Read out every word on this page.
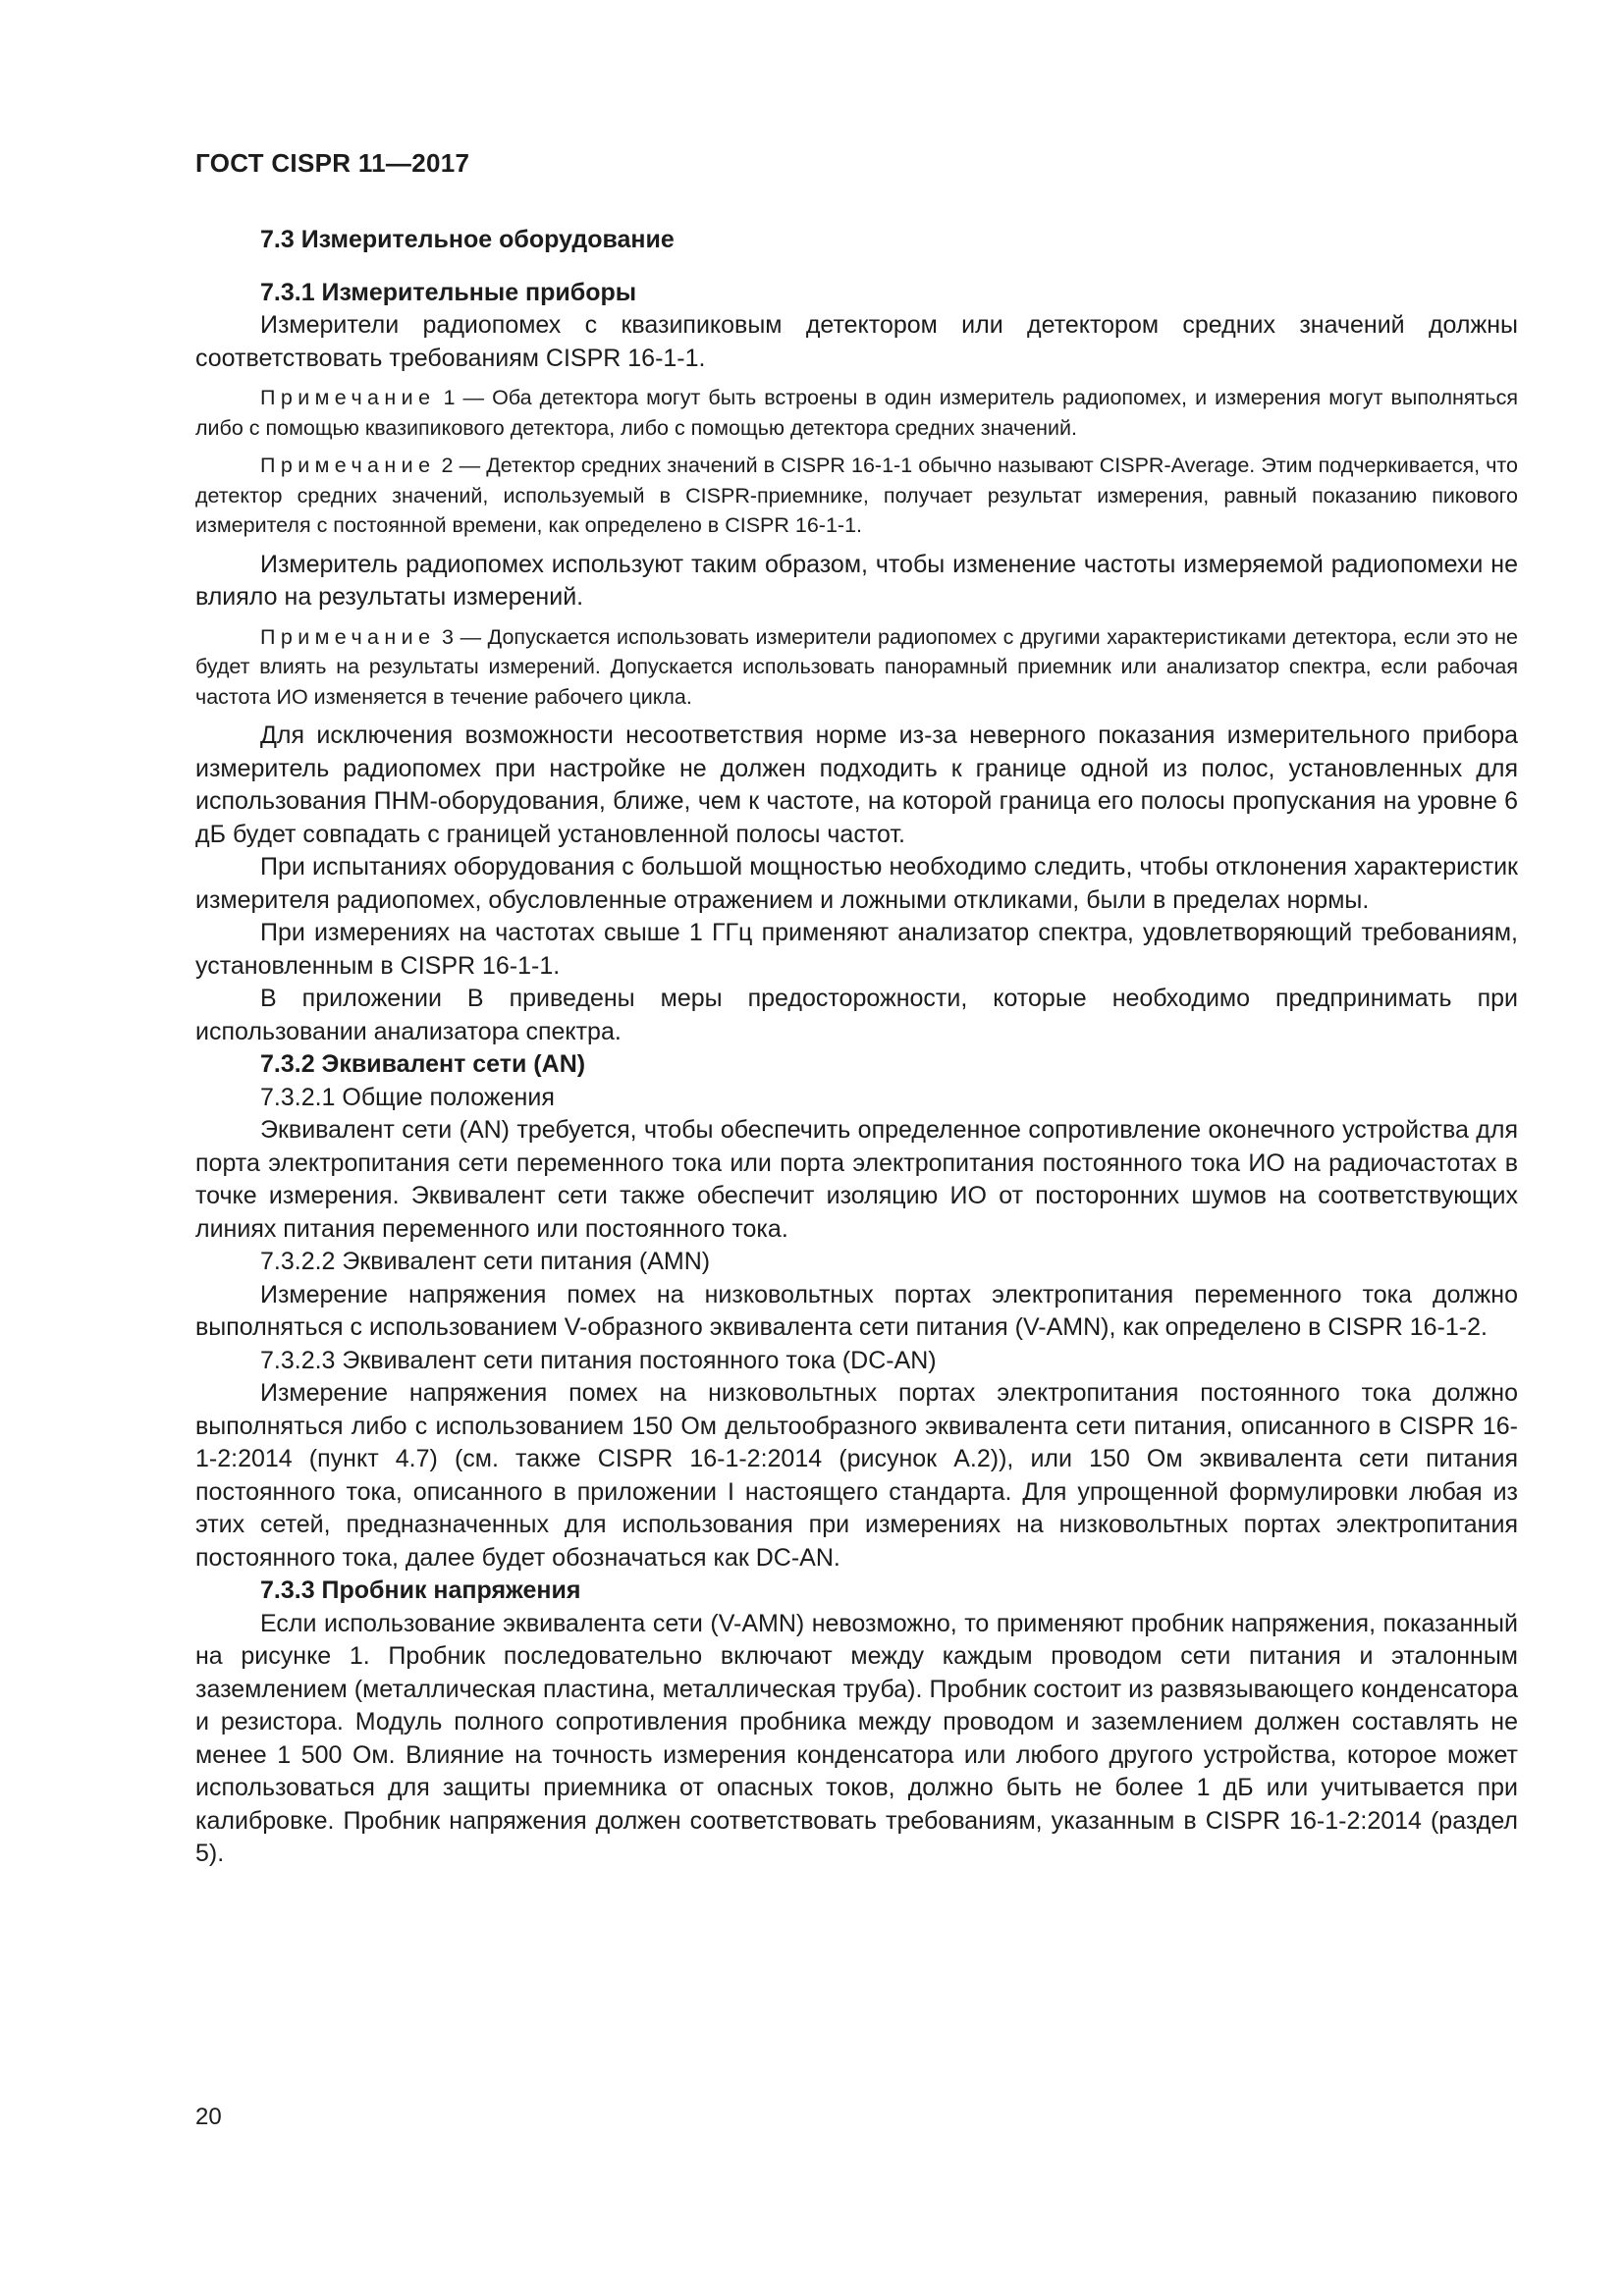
ГОСТ CISPR 11—2017

7.3 Измерительное оборудование

7.3.1 Измерительные приборы

Измерители радиопомех с квазипиковым детектором или детектором средних значений должны соответствовать требованиям CISPR 16-1-1.

Примечание 1 — Оба детектора могут быть встроены в один измеритель радиопомех, и измерения могут выполняться либо с помощью квазипикового детектора, либо с помощью детектора средних значений.

Примечание 2 — Детектор средних значений в CISPR 16-1-1 обычно называют CISPR-Average. Этим подчеркивается, что детектор средних значений, используемый в CISPR-приемнике, получает результат измерения, равный показанию пикового измерителя с постоянной времени, как определено в CISPR 16-1-1.

Измеритель радиопомех используют таким образом, чтобы изменение частоты измеряемой радиопомехи не влияло на результаты измерений.

Примечание 3 — Допускается использовать измерители радиопомех с другими характеристиками детектора, если это не будет влиять на результаты измерений. Допускается использовать панорамный приемник или анализатор спектра, если рабочая частота ИО изменяется в течение рабочего цикла.

Для исключения возможности несоответствия норме из-за неверного показания измерительного прибора измеритель радиопомех при настройке не должен подходить к границе одной из полос, установленных для использования ПНМ-оборудования, ближе, чем к частоте, на которой граница его полосы пропускания на уровне 6 дБ будет совпадать с границей установленной полосы частот.

При испытаниях оборудования с большой мощностью необходимо следить, чтобы отклонения характеристик измерителя радиопомех, обусловленные отражением и ложными откликами, были в пределах нормы.

При измерениях на частотах свыше 1 ГГц применяют анализатор спектра, удовлетворяющий требованиям, установленным в CISPR 16-1-1.

В приложении В приведены меры предосторожности, которые необходимо предпринимать при использовании анализатора спектра.

7.3.2 Эквивалент сети (AN)

7.3.2.1 Общие положения

Эквивалент сети (AN) требуется, чтобы обеспечить определенное сопротивление оконечного устройства для порта электропитания сети переменного тока или порта электропитания постоянного тока ИО на радиочастотах в точке измерения. Эквивалент сети также обеспечит изоляцию ИО от посторонних шумов на соответствующих линиях питания переменного или постоянного тока.

7.3.2.2 Эквивалент сети питания (AMN)

Измерение напряжения помех на низковольтных портах электропитания переменного тока должно выполняться с использованием V-образного эквивалента сети питания (V-AMN), как определено в CISPR 16-1-2.

7.3.2.3 Эквивалент сети питания постоянного тока (DC-AN)

Измерение напряжения помех на низковольтных портах электропитания постоянного тока должно выполняться либо с использованием 150 Ом дельтообразного эквивалента сети питания, описанного в CISPR 16-1-2:2014 (пункт 4.7) (см. также CISPR 16-1-2:2014 (рисунок А.2)), или 150 Ом эквивалента сети питания постоянного тока, описанного в приложении I настоящего стандарта. Для упрощенной формулировки любая из этих сетей, предназначенных для использования при измерениях на низковольтных портах электропитания постоянного тока, далее будет обозначаться как DC-AN.

7.3.3 Пробник напряжения

Если использование эквивалента сети (V-AMN) невозможно, то применяют пробник напряжения, показанный на рисунке 1. Пробник последовательно включают между каждым проводом сети питания и эталонным заземлением (металлическая пластина, металлическая труба). Пробник состоит из развязывающего конденсатора и резистора. Модуль полного сопротивления пробника между проводом и заземлением должен составлять не менее 1 500 Ом. Влияние на точность измерения конденсатора или любого другого устройства, которое может использоваться для защиты приемника от опасных токов, должно быть не более 1 дБ или учитывается при калибровке. Пробник напряжения должен соответствовать требованиям, указанным в CISPR 16-1-2:2014 (раздел 5).

20
